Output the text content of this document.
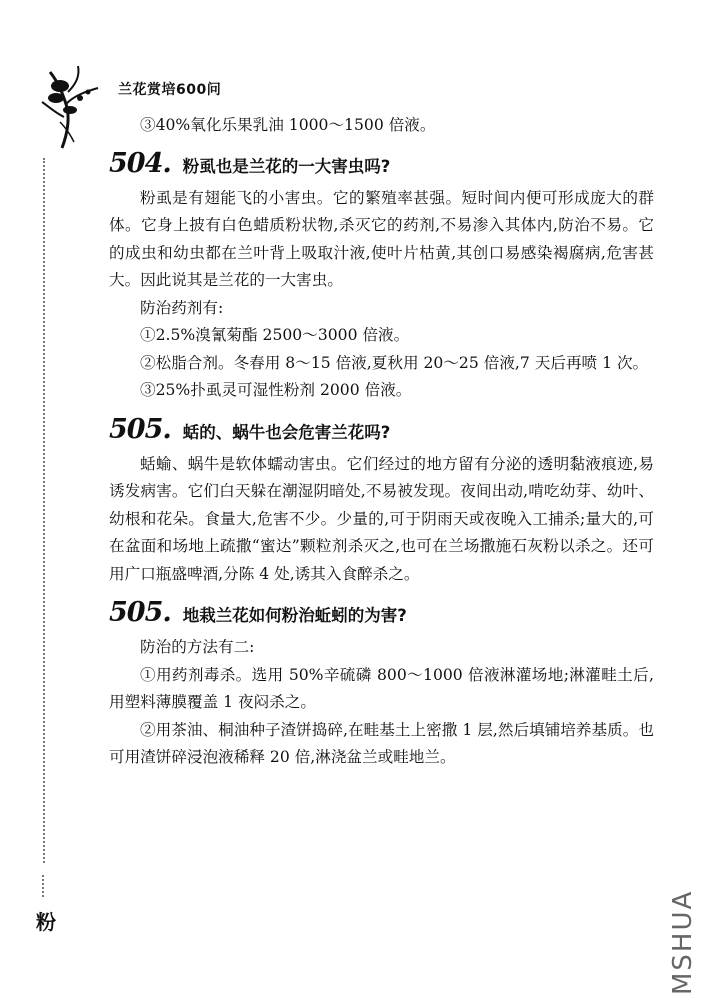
兰花赏培600问
粉	MSHUA

③40%氧化乐果乳油 1000～1500 倍液。

504. 粉虱也是兰花的一大害虫吗?

粉虱是有翅能飞的小害虫。它的繁殖率甚强。短时间内便可形成庞大的群体。它身上披有白色蜡质粉状物,杀灭它的药剂,不易渗入其体内,防治不易。它的成虫和幼虫都在兰叶背上吸取汁液,使叶片枯黄,其创口易感染褐腐病,危害甚大。因此说其是兰花的一大害虫。

防治药剂有:

①2.5%溴氰菊酯 2500～3000 倍液。

②松脂合剂。冬春用 8～15 倍液,夏秋用 20～25 倍液,7 天后再喷 1 次。

③25%扑虱灵可湿性粉剂 2000 倍液。

505. 蛞的、蜗牛也会危害兰花吗?

蛞蝓、蜗牛是软体蠕动害虫。它们经过的地方留有分泌的透明黏液痕迹,易诱发病害。它们白天躲在潮湿阴暗处,不易被发现。夜间出动,啃吃幼芽、幼叶、幼根和花朵。食量大,危害不少。少量的,可于阴雨天或夜晚入工捕杀;量大的,可在盆面和场地上疏撒“蜜达”颗粒剂杀灭之,也可在兰场撒施石灰粉以杀之。还可用广口瓶盛啤酒,分陈 4 处,诱其入食醉杀之。

505. 地栽兰花如何粉治蚯蚓的为害?

防治的方法有二:

①用药剂毒杀。选用 50%辛硫磷 800～1000 倍液淋灌场地;淋灌畦土后,用塑料薄膜覆盖 1 夜闷杀之。

②用茶油、桐油种子渣饼捣碎,在畦基土上密撒 1 层,然后填铺培养基质。也可用渣饼碎浸泡液稀释 20 倍,淋浇盆兰或畦地兰。
